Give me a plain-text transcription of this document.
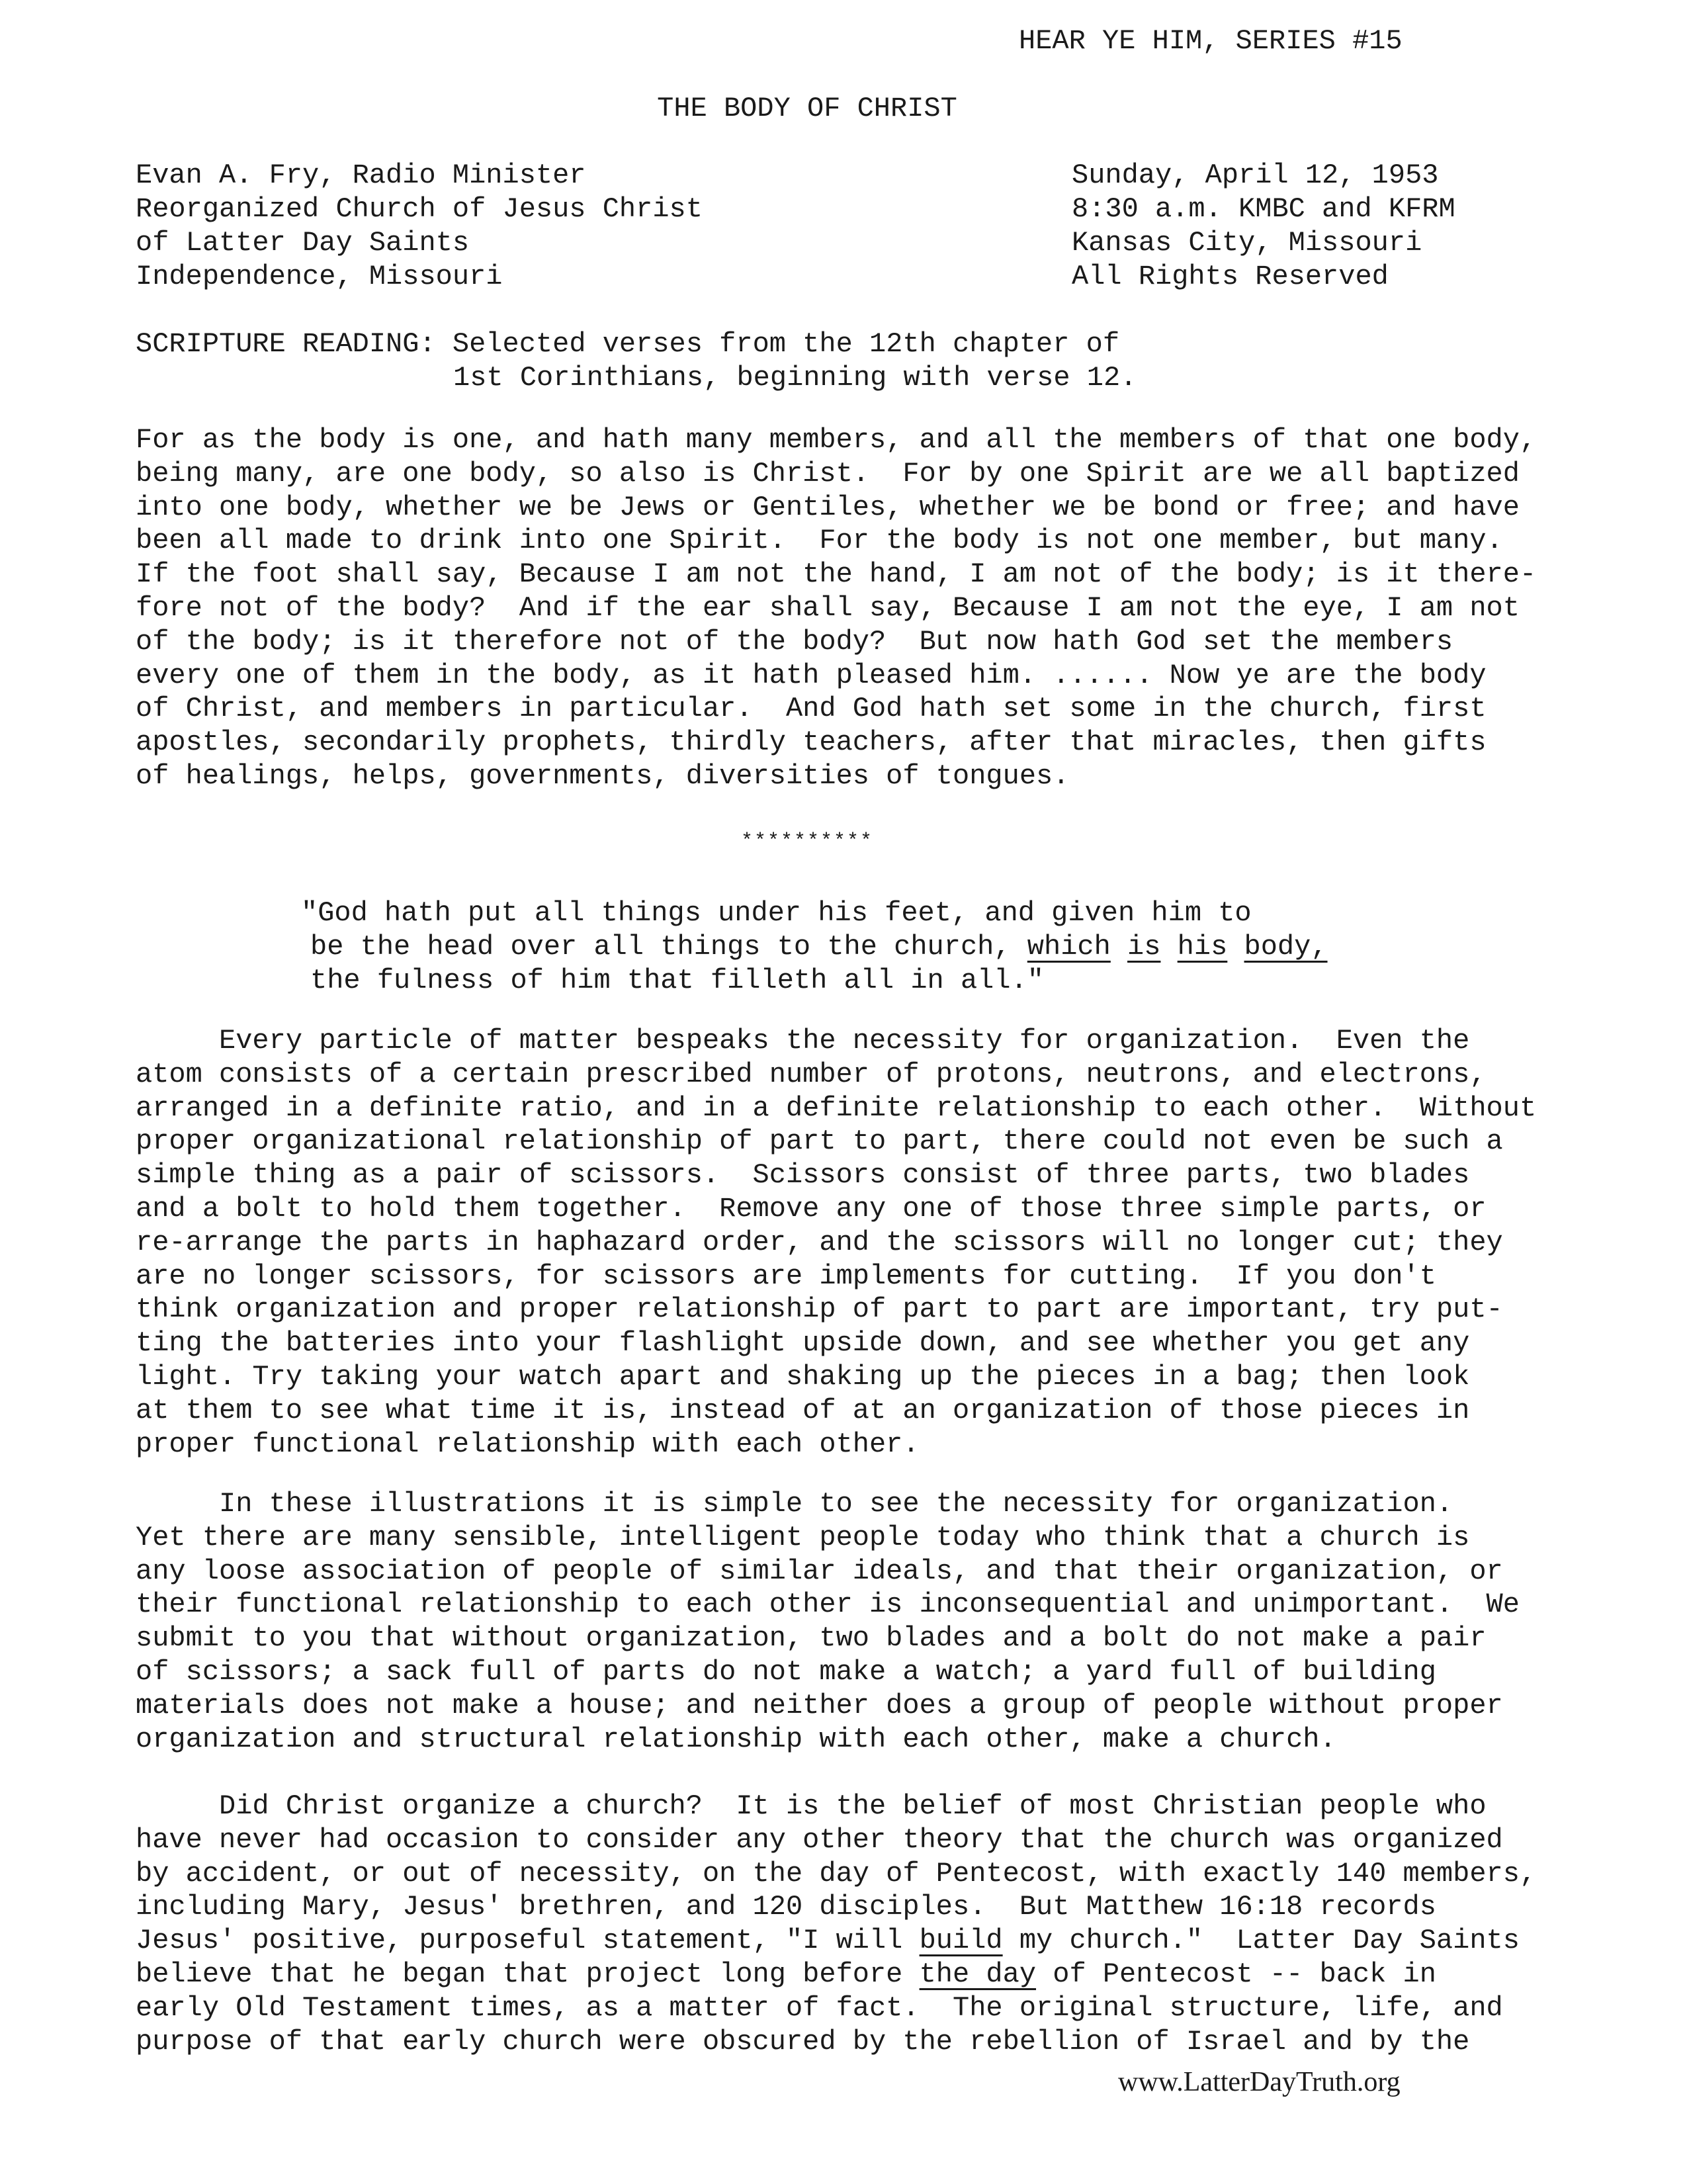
HEAR YE HIM, SERIES #15
THE BODY OF CHRIST
Evan A. Fry, Radio Minister
Reorganized Church of Jesus Christ
of Latter Day Saints
Independence, Missouri
Sunday, April 12, 1953
8:30 a.m. KMBC and KFRM
Kansas City, Missouri
All Rights Reserved
SCRIPTURE READING: Selected verses from the 12th chapter of
1st Corinthians, beginning with verse 12.
For as the body is one, and hath many members, and all the members of that one body,
being many, are one body, so also is Christ.  For by one Spirit are we all baptized
into one body, whether we be Jews or Gentiles, whether we be bond or free; and have
been all made to drink into one Spirit.  For the body is not one member, but many.
If the foot shall say, Because I am not the hand, I am not of the body; is it there-
fore not of the body?  And if the ear shall say, Because I am not the eye, I am not
of the body; is it therefore not of the body?  But now hath God set the members
every one of them in the body, as it hath pleased him. ...... Now ye are the body
of Christ, and members in particular.  And God hath set some in the church, first
apostles, secondarily prophets, thirdly teachers, after that miracles, then gifts
of healings, helps, governments, diversities of tongues.
**********
"God hath put all things under his feet, and given him to
be the head over all things to the church, which is his body,
the fulness of him that filleth all in all."
Every particle of matter bespeaks the necessity for organization.  Even the
atom consists of a certain prescribed number of protons, neutrons, and electrons,
arranged in a definite ratio, and in a definite relationship to each other.  Without
proper organizational relationship of part to part, there could not even be such a
simple thing as a pair of scissors.  Scissors consist of three parts, two blades
and a bolt to hold them together.  Remove any one of those three simple parts, or
re-arrange the parts in haphazard order, and the scissors will no longer cut; they
are no longer scissors, for scissors are implements for cutting.  If you don't
think organization and proper relationship of part to part are important, try put-
ting the batteries into your flashlight upside down, and see whether you get any
light. Try taking your watch apart and shaking up the pieces in a bag; then look
at them to see what time it is, instead of at an organization of those pieces in
proper functional relationship with each other.
In these illustrations it is simple to see the necessity for organization.
Yet there are many sensible, intelligent people today who think that a church is
any loose association of people of similar ideals, and that their organization, or
their functional relationship to each other is inconsequential and unimportant.  We
submit to you that without organization, two blades and a bolt do not make a pair
of scissors; a sack full of parts do not make a watch; a yard full of building
materials does not make a house; and neither does a group of people without proper
organization and structural relationship with each other, make a church.
Did Christ organize a church?  It is the belief of most Christian people who
have never had occasion to consider any other theory that the church was organized
by accident, or out of necessity, on the day of Pentecost, with exactly 140 members,
including Mary, Jesus' brethren, and 120 disciples.  But Matthew 16:18 records
Jesus' positive, purposeful statement, "I will build my church."  Latter Day Saints
believe that he began that project long before the day of Pentecost -- back in
early Old Testament times, as a matter of fact.  The original structure, life, and
purpose of that early church were obscured by the rebellion of Israel and by the
www.LatterDayTruth.org
